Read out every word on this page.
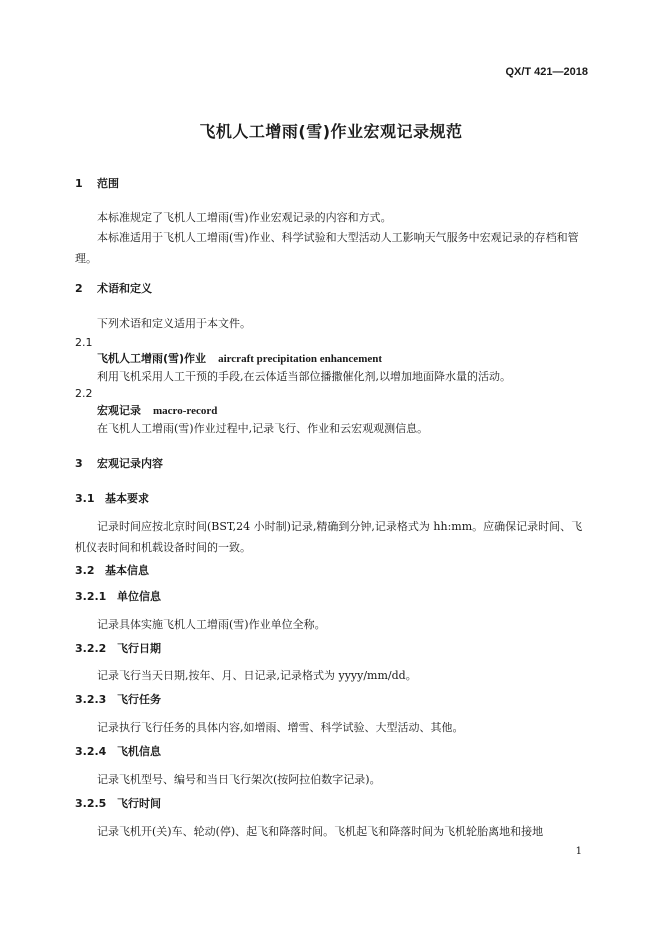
QX/T 421—2018
飞机人工增雨(雪)作业宏观记录规范
1 范围
本标准规定了飞机人工增雨(雪)作业宏观记录的内容和方式。
本标准适用于飞机人工增雨(雪)作业、科学试验和大型活动人工影响天气服务中宏观记录的存档和管理。
2 术语和定义
下列术语和定义适用于本文件。
2.1
飞机人工增雨(雪)作业 aircraft precipitation enhancement
利用飞机采用人工干预的手段,在云体适当部位播撒催化剂,以增加地面降水量的活动。
2.2
宏观记录 macro-record
在飞机人工增雨(雪)作业过程中,记录飞行、作业和云宏观观测信息。
3 宏观记录内容
3.1 基本要求
记录时间应按北京时间(BST,24 小时制)记录,精确到分钟,记录格式为 hh:mm。应确保记录时间、飞机仪表时间和机载设备时间的一致。
3.2 基本信息
3.2.1 单位信息
记录具体实施飞机人工增雨(雪)作业单位全称。
3.2.2 飞行日期
记录飞行当天日期,按年、月、日记录,记录格式为 yyyy/mm/dd。
3.2.3 飞行任务
记录执行飞行任务的具体内容,如增雨、增雪、科学试验、大型活动、其他。
3.2.4 飞机信息
记录飞机型号、编号和当日飞行架次(按阿拉伯数字记录)。
3.2.5 飞行时间
记录飞机开(关)车、轮动(停)、起飞和降落时间。飞机起飞和降落时间为飞机轮胎离地和接地
1
